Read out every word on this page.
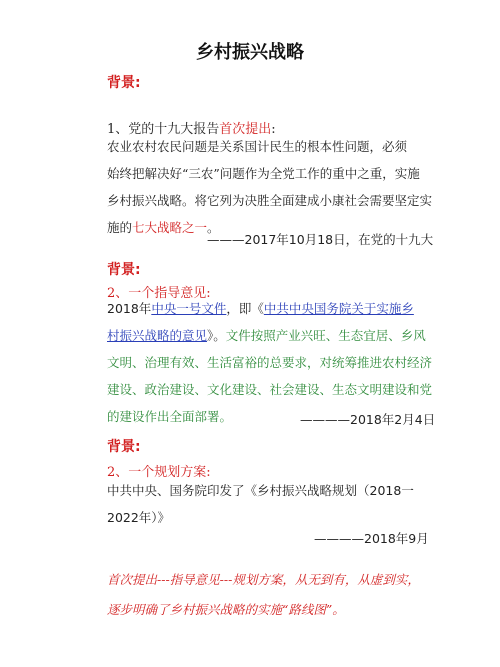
乡村振兴战略
背景:
1、党的十九大报告首次提出:
农业农村农民问题是关系国计民生的根本性问题，必须
始终把解决好“三农”问题作为全党工作的重中之重，实施
乡村振兴战略。将它列为决胜全面建成小康社会需要坚定实
施的七大战略之一。
———2017年10月18日，在党的十九大
背景:
2、一个指导意见:
2018年中央一号文件，即《中共中央国务院关于实施乡
村振兴战略的意见》。文件按照产业兴旺、生态宜居、乡风
文明、治理有效、生活富裕的总要求，对统筹推进农村经济
建设、政治建设、文化建设、社会建设、生态文明建设和党
的建设作出全面部署。	————2018年2月4日
背景:
2、一个规划方案:
中共中央、国务院印发了《乡村振兴战略规划（2018一
2022年）》
————2018年9月
首次提出---指导意见---规划方案，从无到有，从虚到实，
逐步明确了乡村振兴战略的实施“路线图”。
